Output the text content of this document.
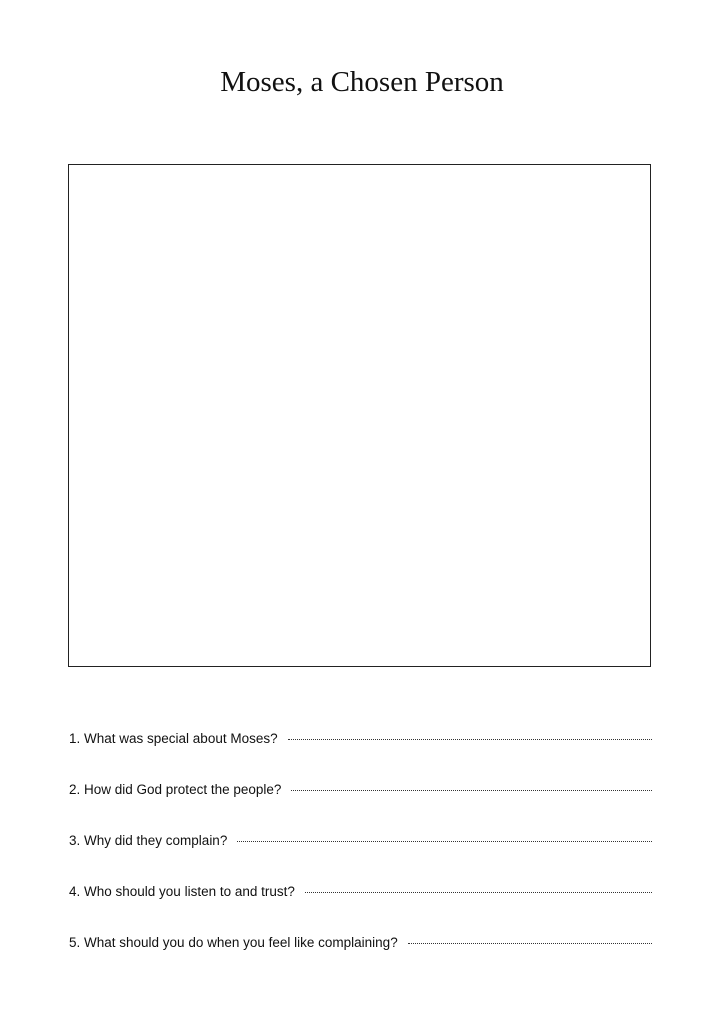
Moses, a Chosen Person
1. What was special about Moses?
2. How did God protect the people?
3. Why did they complain?
4. Who should you listen to and trust?
5. What should you do when you feel like complaining?
